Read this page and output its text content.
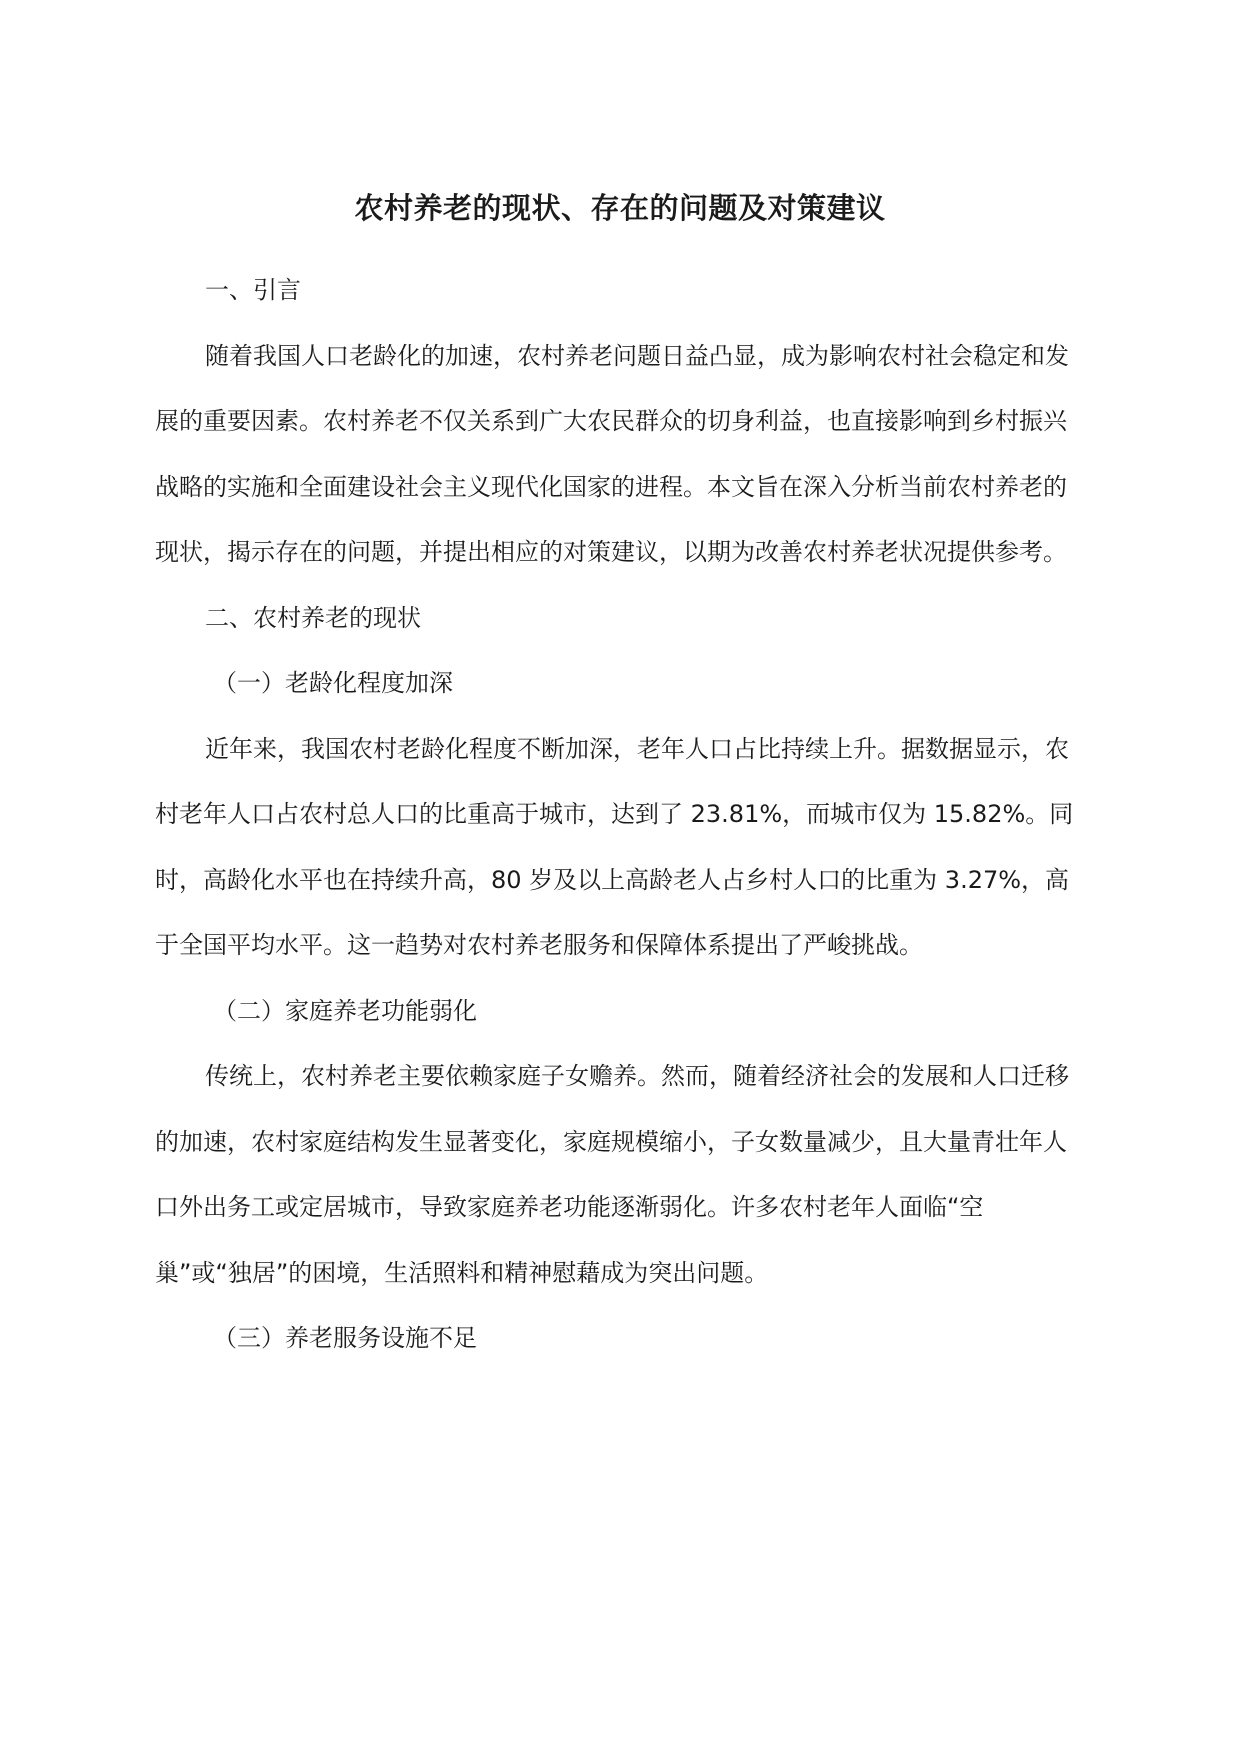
农村养老的现状、存在的问题及对策建议

一、引言

随着我国人口老龄化的加速，农村养老问题日益凸显，成为影响农村社会稳定和发展的重要因素。农村养老不仅关系到广大农民群众的切身利益，也直接影响到乡村振兴战略的实施和全面建设社会主义现代化国家的进程。本文旨在深入分析当前农村养老的现状，揭示存在的问题，并提出相应的对策建议，以期为改善农村养老状况提供参考。

二、农村养老的现状

（一）老龄化程度加深

近年来，我国农村老龄化程度不断加深，老年人口占比持续上升。据数据显示，农村老年人口占农村总人口的比重高于城市，达到了 23.81%，而城市仅为 15.82%。同时，高龄化水平也在持续升高，80 岁及以上高龄老人占乡村人口的比重为 3.27%，高于全国平均水平。这一趋势对农村养老服务和保障体系提出了严峻挑战。

（二）家庭养老功能弱化

传统上，农村养老主要依赖家庭子女赡养。然而，随着经济社会的发展和人口迁移的加速，农村家庭结构发生显著变化，家庭规模缩小，子女数量减少，且大量青壮年人口外出务工或定居城市，导致家庭养老功能逐渐弱化。许多农村老年人面临“空巢”或“独居”的困境，生活照料和精神慰藉成为突出问题。

（三）养老服务设施不足
